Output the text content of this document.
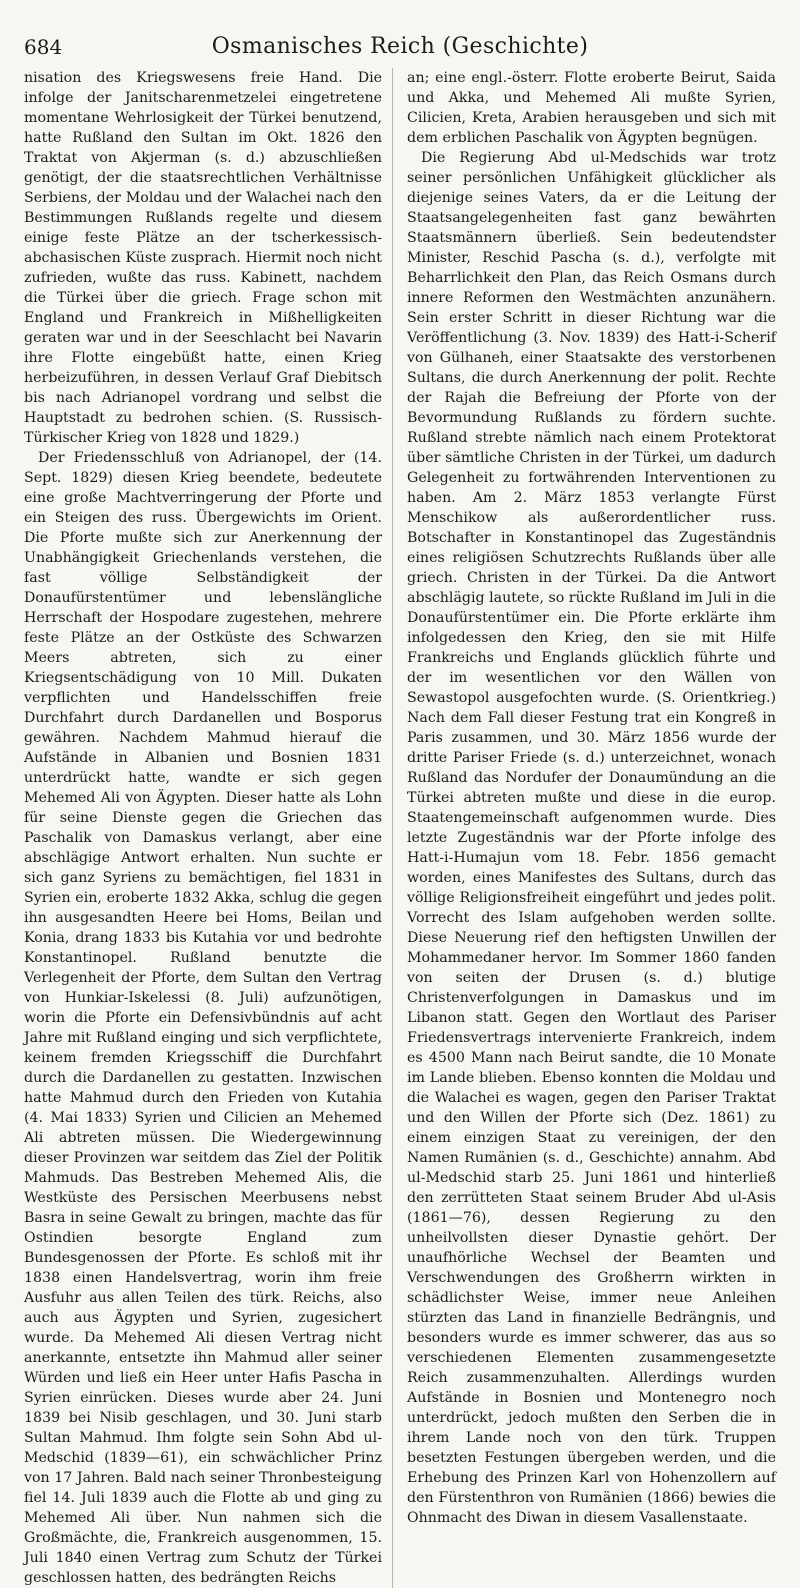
684	Osmanisches Reich (Geschichte)

nisation des Kriegswesens freie Hand. Die infolge der Janitscharenmetzelei eingetretene momentane Wehrlosigkeit der Türkei benutzend, hatte Rußland den Sultan im Okt. 1826 den Traktat von Akjerman (s. d.) abzuschließen genötigt, der die staatsrechtlichen Verhältnisse Serbiens, der Moldau und der Walachei nach den Bestimmungen Rußlands regelte und diesem einige feste Plätze an der tscherkessisch-abchasischen Küste zusprach. Hiermit noch nicht zufrieden, wußte das russ. Kabinett, nachdem die Türkei über die griech. Frage schon mit England und Frankreich in Mißhelligkeiten geraten war und in der Seeschlacht bei Navarin ihre Flotte eingebüßt hatte, einen Krieg herbeizuführen, in dessen Verlauf Graf Diebitsch bis nach Adrianopel vordrang und selbst die Hauptstadt zu bedrohen schien. (S. Russisch-Türkischer Krieg von 1828 und 1829.)

Der Friedensschluß von Adrianopel, der (14. Sept. 1829) diesen Krieg beendete, bedeutete eine große Machtverringerung der Pforte und ein Steigen des russ. Übergewichts im Orient. Die Pforte mußte sich zur Anerkennung der Unabhängigkeit Griechenlands verstehen, die fast völlige Selbständigkeit der Donaufürstentümer und lebenslängliche Herrschaft der Hospodare zugestehen, mehrere feste Plätze an der Ostküste des Schwarzen Meers abtreten, sich zu einer Kriegsentschädigung von 10 Mill. Dukaten verpflichten und Handelsschiffen freie Durchfahrt durch Dardanellen und Bosporus gewähren. Nachdem Mahmud hierauf die Aufstände in Albanien und Bosnien 1831 unterdrückt hatte, wandte er sich gegen Mehemed Ali von Ägypten. Dieser hatte als Lohn für seine Dienste gegen die Griechen das Paschalik von Damaskus verlangt, aber eine abschlägige Antwort erhalten. Nun suchte er sich ganz Syriens zu bemächtigen, fiel 1831 in Syrien ein, eroberte 1832 Akka, schlug die gegen ihn ausgesandten Heere bei Homs, Beilan und Konia, drang 1833 bis Kutahia vor und bedrohte Konstantinopel. Rußland benutzte die Verlegenheit der Pforte, dem Sultan den Vertrag von Hunkiar-Iskelessi (8. Juli) aufzunötigen, worin die Pforte ein Defensivbündnis auf acht Jahre mit Rußland einging und sich verpflichtete, keinem fremden Kriegsschiff die Durchfahrt durch die Dardanellen zu gestatten. Inzwischen hatte Mahmud durch den Frieden von Kutahia (4. Mai 1833) Syrien und Cilicien an Mehemed Ali abtreten müssen. Die Wiedergewinnung dieser Provinzen war seitdem das Ziel der Politik Mahmuds. Das Bestreben Mehemed Alis, die Westküste des Persischen Meerbusens nebst Basra in seine Gewalt zu bringen, machte das für Ostindien besorgte England zum Bundesgenossen der Pforte. Es schloß mit ihr 1838 einen Handelsvertrag, worin ihm freie Ausfuhr aus allen Teilen des türk. Reichs, also auch aus Ägypten und Syrien, zugesichert wurde. Da Mehemed Ali diesen Vertrag nicht anerkannte, entsetzte ihn Mahmud aller seiner Würden und ließ ein Heer unter Hafis Pascha in Syrien einrücken. Dieses wurde aber 24. Juni 1839 bei Nisib geschlagen, und 30. Juni starb Sultan Mahmud. Ihm folgte sein Sohn Abd ul-Medschid (1839—61), ein schwächlicher Prinz von 17 Jahren. Bald nach seiner Thronbesteigung fiel 14. Juli 1839 auch die Flotte ab und ging zu Mehemed Ali über. Nun nahmen sich die Großmächte, die, Frankreich ausgenommen, 15. Juli 1840 einen Vertrag zum Schutz der Türkei geschlossen hatten, des bedrängten Reichs

an; eine engl.-österr. Flotte eroberte Beirut, Saida und Akka, und Mehemed Ali mußte Syrien, Cilicien, Kreta, Arabien herausgeben und sich mit dem erblichen Paschalik von Ägypten begnügen.

Die Regierung Abd ul-Medschids war trotz seiner persönlichen Unfähigkeit glücklicher als diejenige seines Vaters, da er die Leitung der Staatsangelegenheiten fast ganz bewährten Staatsmännern überließ. Sein bedeutendster Minister, Reschid Pascha (s. d.), verfolgte mit Beharrlichkeit den Plan, das Reich Osmans durch innere Reformen den Westmächten anzunähern. Sein erster Schritt in dieser Richtung war die Veröffentlichung (3. Nov. 1839) des Hatt-i-Scherif von Gülhaneh, einer Staatsakte des verstorbenen Sultans, die durch Anerkennung der polit. Rechte der Rajah die Befreiung der Pforte von der Bevormundung Rußlands zu fördern suchte. Rußland strebte nämlich nach einem Protektorat über sämtliche Christen in der Türkei, um dadurch Gelegenheit zu fortwährenden Interventionen zu haben. Am 2. März 1853 verlangte Fürst Menschikow als außerordentlicher russ. Botschafter in Konstantinopel das Zugeständnis eines religiösen Schutzrechts Rußlands über alle griech. Christen in der Türkei. Da die Antwort abschlägig lautete, so rückte Rußland im Juli in die Donaufürstentümer ein. Die Pforte erklärte ihm infolgedessen den Krieg, den sie mit Hilfe Frankreichs und Englands glücklich führte und der im wesentlichen vor den Wällen von Sewastopol ausgefochten wurde. (S. Orientkrieg.) Nach dem Fall dieser Festung trat ein Kongreß in Paris zusammen, und 30. März 1856 wurde der dritte Pariser Friede (s. d.) unterzeichnet, wonach Rußland das Nordufer der Donaumündung an die Türkei abtreten mußte und diese in die europ. Staatengemeinschaft aufgenommen wurde. Dies letzte Zugeständnis war der Pforte infolge des Hatt-i-Humajun vom 18. Febr. 1856 gemacht worden, eines Manifestes des Sultans, durch das völlige Religionsfreiheit eingeführt und jedes polit. Vorrecht des Islam aufgehoben werden sollte. Diese Neuerung rief den heftigsten Unwillen der Mohammedaner hervor. Im Sommer 1860 fanden von seiten der Drusen (s. d.) blutige Christenverfolgungen in Damaskus und im Libanon statt. Gegen den Wortlaut des Pariser Friedensvertrags intervenierte Frankreich, indem es 4500 Mann nach Beirut sandte, die 10 Monate im Lande blieben. Ebenso konnten die Moldau und die Walachei es wagen, gegen den Pariser Traktat und den Willen der Pforte sich (Dez. 1861) zu einem einzigen Staat zu vereinigen, der den Namen Rumänien (s. d., Geschichte) annahm. Abd ul-Medschid starb 25. Juni 1861 und hinterließ den zerrütteten Staat seinem Bruder Abd ul-Asis (1861—76), dessen Regierung zu den unheilvollsten dieser Dynastie gehört. Der unaufhörliche Wechsel der Beamten und Verschwendungen des Großherrn wirkten in schädlichster Weise, immer neue Anleihen stürzten das Land in finanzielle Bedrängnis, und besonders wurde es immer schwerer, das aus so verschiedenen Elementen zusammengesetzte Reich zusammenzuhalten. Allerdings wurden Aufstände in Bosnien und Montenegro noch unterdrückt, jedoch mußten den Serben die in ihrem Lande noch von den türk. Truppen besetzten Festungen übergeben werden, und die Erhebung des Prinzen Karl von Hohenzollern auf den Fürstenthron von Rumänien (1866) bewies die Ohnmacht des Diwan in diesem Vasallenstaate.
